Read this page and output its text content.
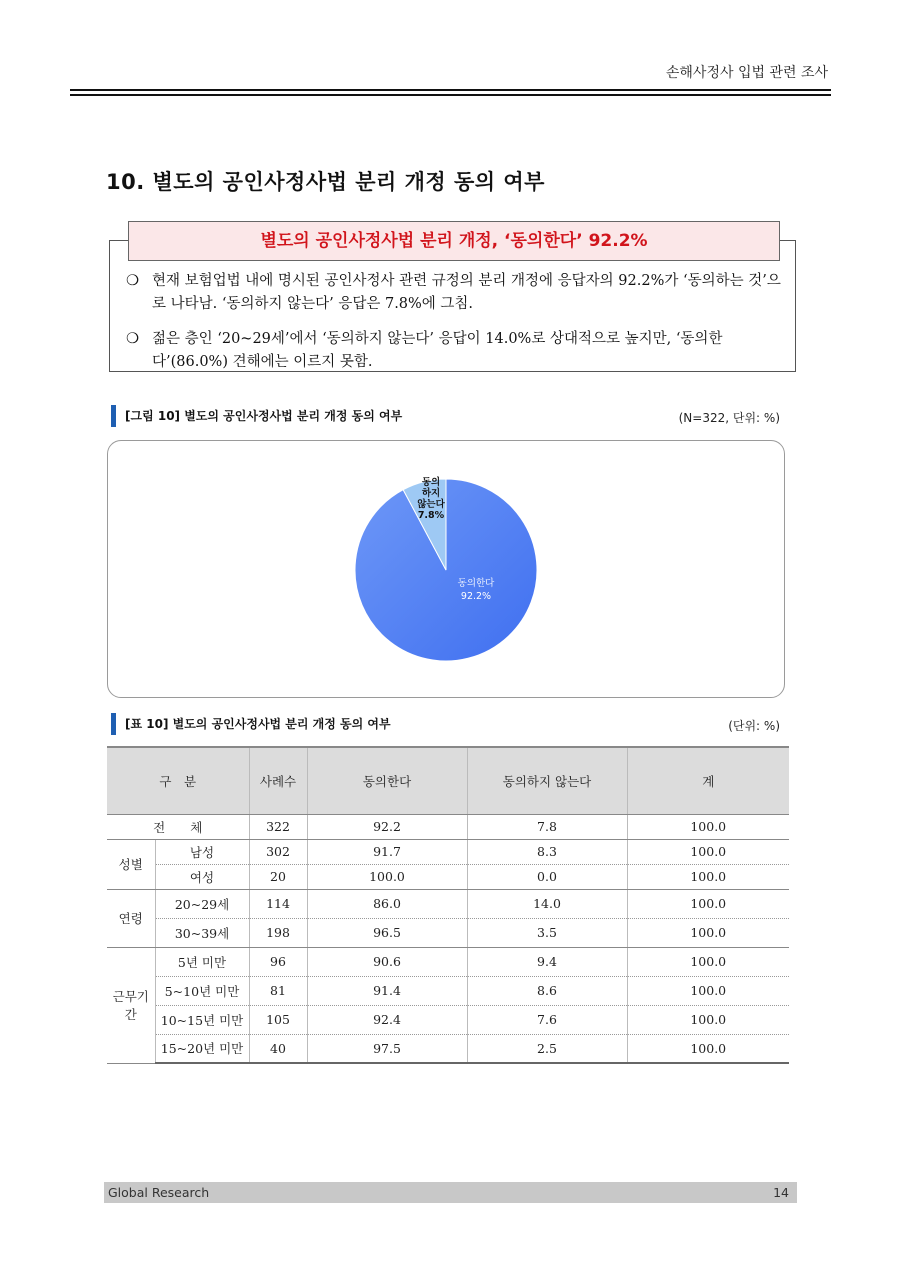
손해사정사 입법 관련 조사
10. 별도의 공인사정사법 분리 개정 동의 여부
별도의 공인사정사법 분리 개정, ‘동의한다’ 92.2%
❍ 현재 보험업법 내에 명시된 공인사정사 관련 규정의 분리 개정에 응답자의 92.2%가 ‘동의하는 것’으로 나타남. ‘동의하지 않는다’ 응답은 7.8%에 그침.
❍ 젊은 층인 ‘20~29세’에서 ‘동의하지 않는다’ 응답이 14.0%로 상대적으로 높지만, ‘동의한다’(86.0%) 견해에는 이르지 못함.
[그림 10] 별도의 공인사정사법 분리 개정 동의 여부	(N=322, 단위: %)
동의한다
92.2%
동의
하지
않는다
7.8%
[표 10] 별도의 공인사정사법 분리 개정 동의 여부	(단위: %)
구　분		사례수	동의한다	동의하지 않는다	계
전　　체		322	92.2	7.8	100.0
성별	남성	302	91.7	8.3	100.0
	여성	20	100.0	0.0	100.0
연령	20~29세	114	86.0	14.0	100.0
	30~39세	198	96.5	3.5	100.0
근무기간	5년 미만	96	90.6	9.4	100.0
	5~10년 미만	81	91.4	8.6	100.0
	10~15년 미만	105	92.4	7.6	100.0
	15~20년 미만	40	97.5	2.5	100.0
Global Research	14
